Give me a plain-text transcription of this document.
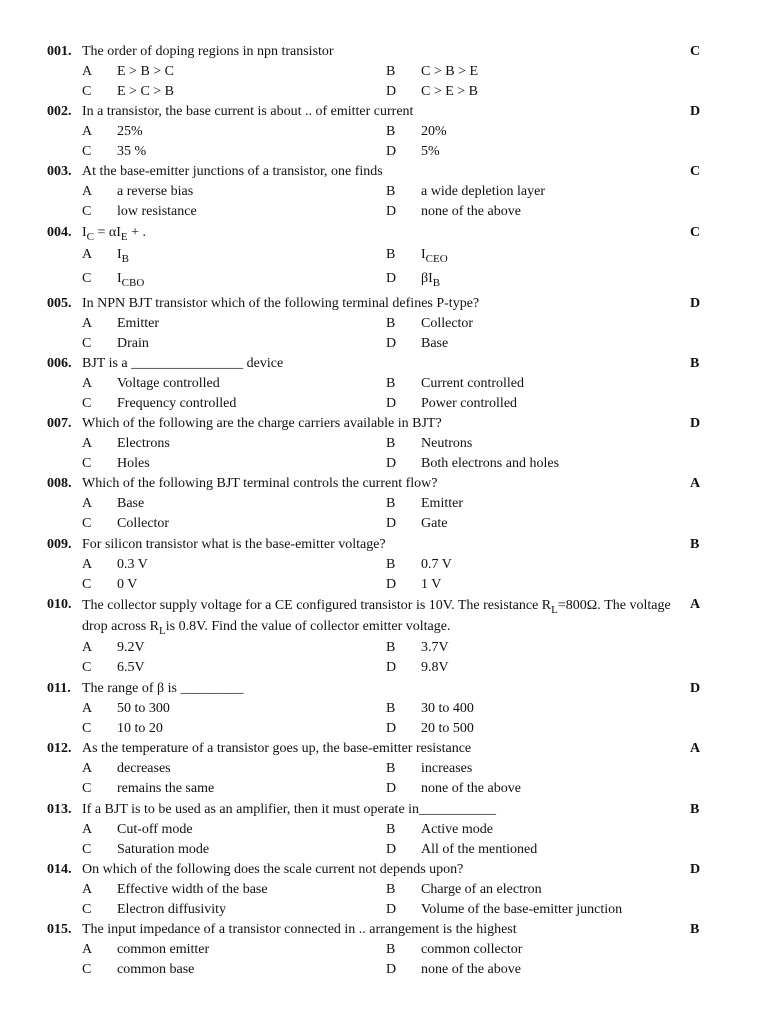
001. The order of doping regions in npn transistor	C
A E > B > C	B	C > B > E
C	E > C > B	D C > E > B
002. In a transistor, the base current is about .. of emitter current	D
A 25%	B	20%
C	35 %	D 5%
003. At the base-emitter junctions of a transistor, one finds	C
A a reverse bias	B	a wide depletion layer
C	low resistance	D none of the above
004. $I_C = \alpha I_E$ + .	C
A $I_B$	B	$I_{CEO}$
C	$I_{CBO}$	D $\beta I_B$
005. In NPN BJT transistor which of the following terminal defines P-type?	D
A Emitter	B	Collector
C	Drain	D Base
006. BJT is a ________________ device	B
A Voltage controlled	B	Current controlled
C	Frequency controlled	D Power controlled
007. Which of the following are the charge carriers available in BJT?	D
A Electrons	B	Neutrons
C	Holes	D Both electrons and holes
008. Which of the following BJT terminal controls the current flow?	A
A Base	B	Emitter
C	Collector	D Gate
009. For silicon transistor what is the base-emitter voltage?	B
A 0.3 V	B	0.7 V
C	0 V	D 1 V
010. The collector supply voltage for a CE configured transistor is 10V. The resistance $R_L=800\Omega$. The voltage drop across $R_Lis$ 0.8V. Find the value of collector emitter voltage.
A
A 9.2V	B	3.7V
C	6.5V	D 9.8V
011. The range of β is _________	D
A 50 to 300	B	30 to 400
C	10 to 20	D 20 to 500
012. As the temperature of a transistor goes up, the base-emitter resistance	A
A decreases	B	increases
C	remains the same	D none of the above
013. If a BJT is to be used as an amplifier, then it must operate in___________	B
A Cut-off mode	B	Active mode
C	Saturation mode	D All of the mentioned
014. On which of the following does the scale current not depends upon?	D
A Effective width of the base	B	Charge of an electron
C	Electron diffusivity	D Volume of the base-emitter junction
015. The input impedance of a transistor connected in .. arrangement is the highest	B
A common emitter	B	common collector
C	common base	D none of the above
